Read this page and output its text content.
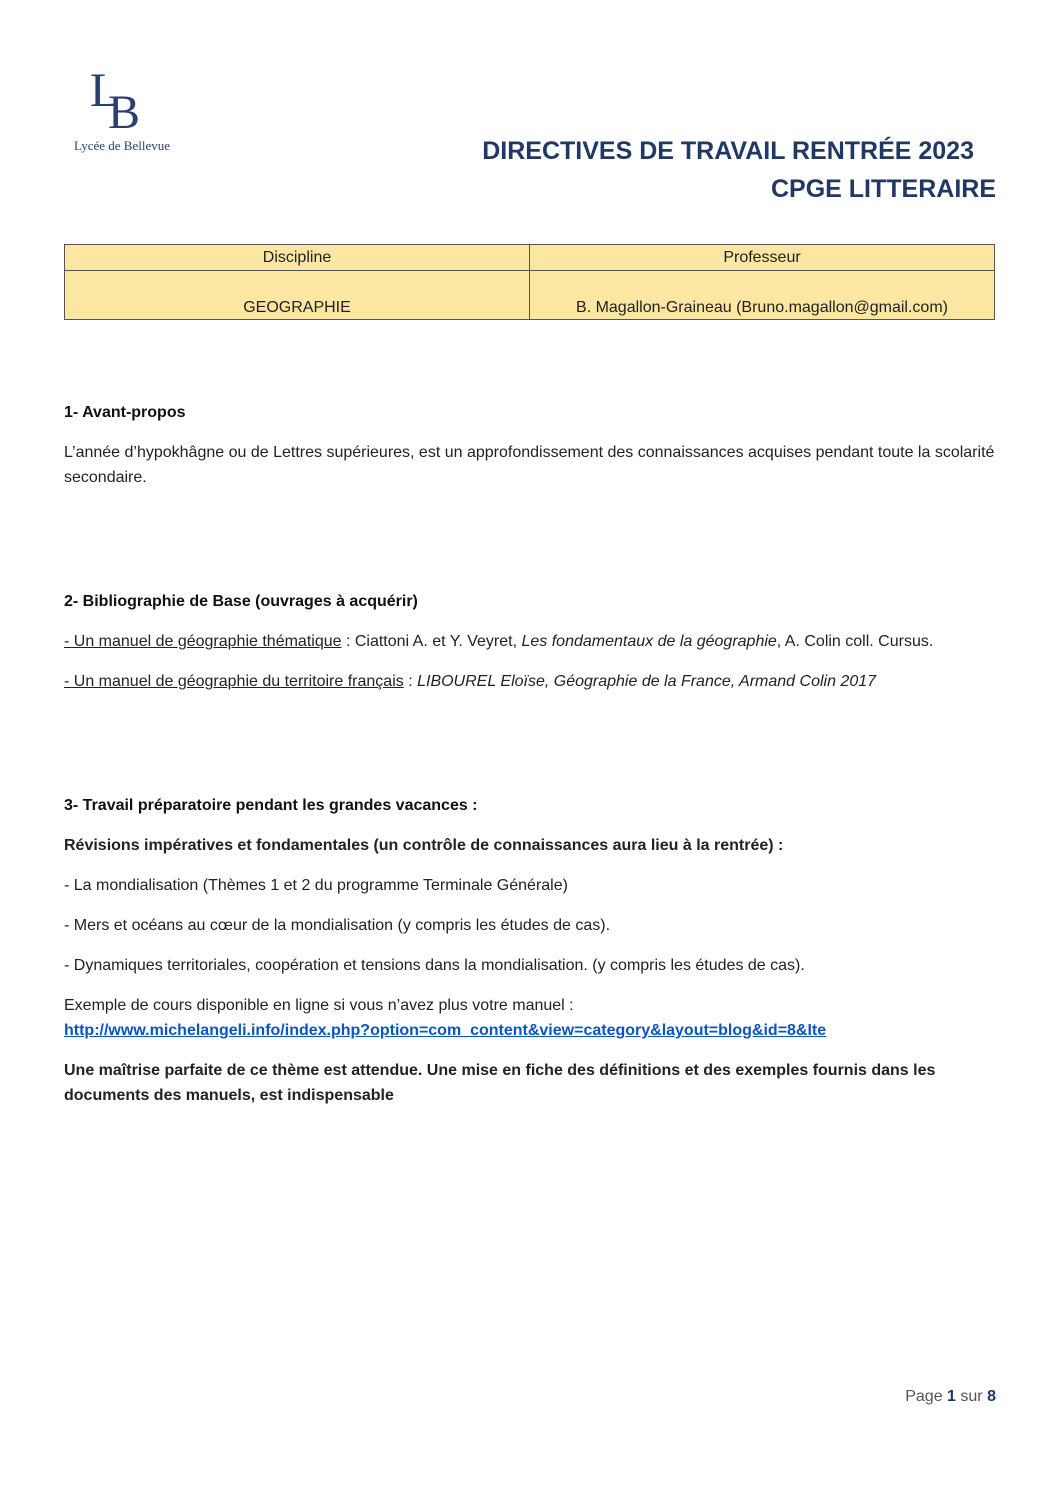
L
B
Lycée de Bellevue	DIRECTIVES DE TRAVAIL RENTRÉE 2023
CPGE LITTERAIRE
Discipline	Professeur
GEOGRAPHIE	B. Magallon-Graineau (Bruno.magallon@gmail.com)

1- Avant-propos

L’année d’hypokhâgne ou de Lettres supérieures, est un approfondissement des connaissances acquises pendant toute la scolarité secondaire.

2- Bibliographie de Base (ouvrages à acquérir)

- Un manuel de géographie thématique : Ciattoni A. et Y. Veyret, Les fondamentaux de la géographie, A. Colin coll. Cursus.

- Un manuel de géographie du territoire français : LIBOUREL Eloïse, Géographie de la France, Armand Colin 2017

3- Travail préparatoire pendant les grandes vacances :

Révisions impératives et fondamentales (un contrôle de connaissances aura lieu à la rentrée) :

- La mondialisation (Thèmes 1 et 2 du programme Terminale Générale)

- Mers et océans au cœur de la mondialisation (y compris les études de cas).

- Dynamiques territoriales, coopération et tensions dans la mondialisation. (y compris les études de cas).

Exemple de cours disponible en ligne si vous n’avez plus votre manuel :

http://www.michelangeli.info/index.php?option=com_content&view=category&layout=blog&id=8&Ite

Une maîtrise parfaite de ce thème est attendue. Une mise en fiche des définitions et des exemples fournis dans les documents des manuels, est indispensable

Page 1 sur 8
